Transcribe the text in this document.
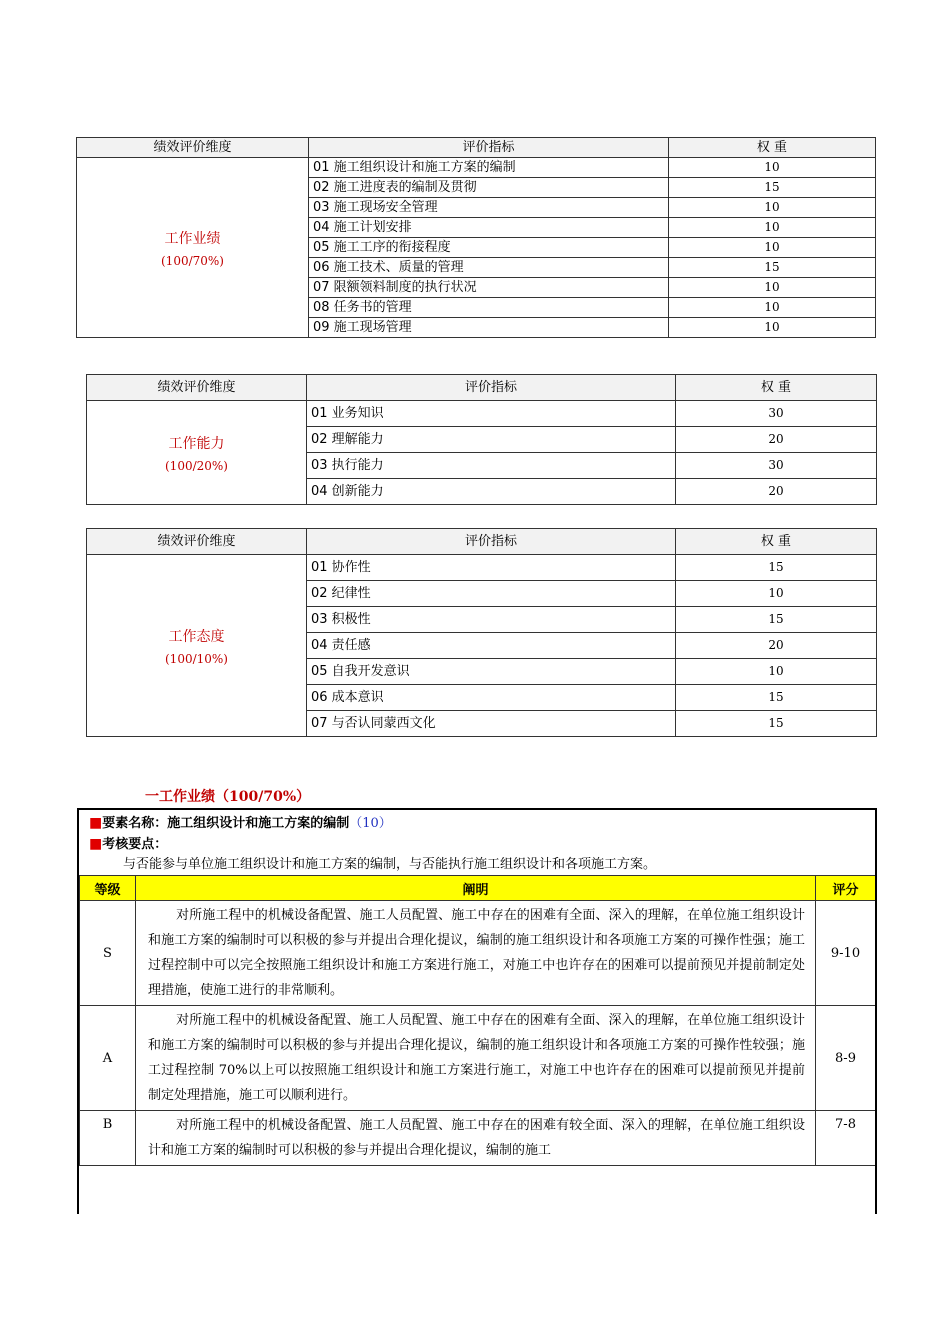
绩效评价维度	评价指标	权 重

工作业绩
(100/70%)	01 施工组织设计和施工方案的编制	10
	02 施工进度表的编制及贯彻	15
	03 施工现场安全管理	10
	04 施工计划安排	10
	05 施工工序的衔接程度	10
	06 施工技术、质量的管理	15
	07 限额领料制度的执行状况	10
	08 任务书的管理	10
	09 施工现场管理	10
绩效评价维度	评价指标	权 重

工作能力
(100/20%)	01 业务知识	30
	02 理解能力	20
	03 执行能力	30
	04 创新能力	20
绩效评价维度	评价指标	权 重

工作态度
(100/10%)	01 协作性	15
	02 纪律性	10
	03 积极性	15
	04 责任感	20
	05 自我开发意识	10
	06 成本意识	15
	07 与否认同蒙西文化	15
一工作业绩（100/70%）
■要素名称：施工组织设计和施工方案的编制（10）
■考核要点：
与否能参与单位施工组织设计和施工方案的编制，与否能执行施工组织设计和各项施工方案。
等级	阐明	评分
S	对所施工程中的机械设备配置、施工人员配置、施工中存在的困难有全面、深入的理解，在单位施工组织设计和施工方案的编制时可以积极的参与并提出合理化提议，编制的施工组织设计和各项施工方案的可操作性强；施工过程控制中可以完全按照施工组织设计和施工方案进行施工，对施工中也许存在的困难可以提前预见并提前制定处理措施，使施工进行的非常顺利。	9-10
A	对所施工程中的机械设备配置、施工人员配置、施工中存在的困难有全面、深入的理解，在单位施工组织设计和施工方案的编制时可以积极的参与并提出合理化提议，编制的施工组织设计和各项施工方案的可操作性较强；施工过程控制 70%以上可以按照施工组织设计和施工方案进行施工，对施工中也许存在的困难可以提前预见并提前制定处理措施，施工可以顺利进行。	8-9
B	对所施工程中的机械设备配置、施工人员配置、施工中存在的困难有较全面、深入的理解，在单位施工组织设计和施工方案的编制时可以积极的参与并提出合理化提议，编制的施工	7-8
